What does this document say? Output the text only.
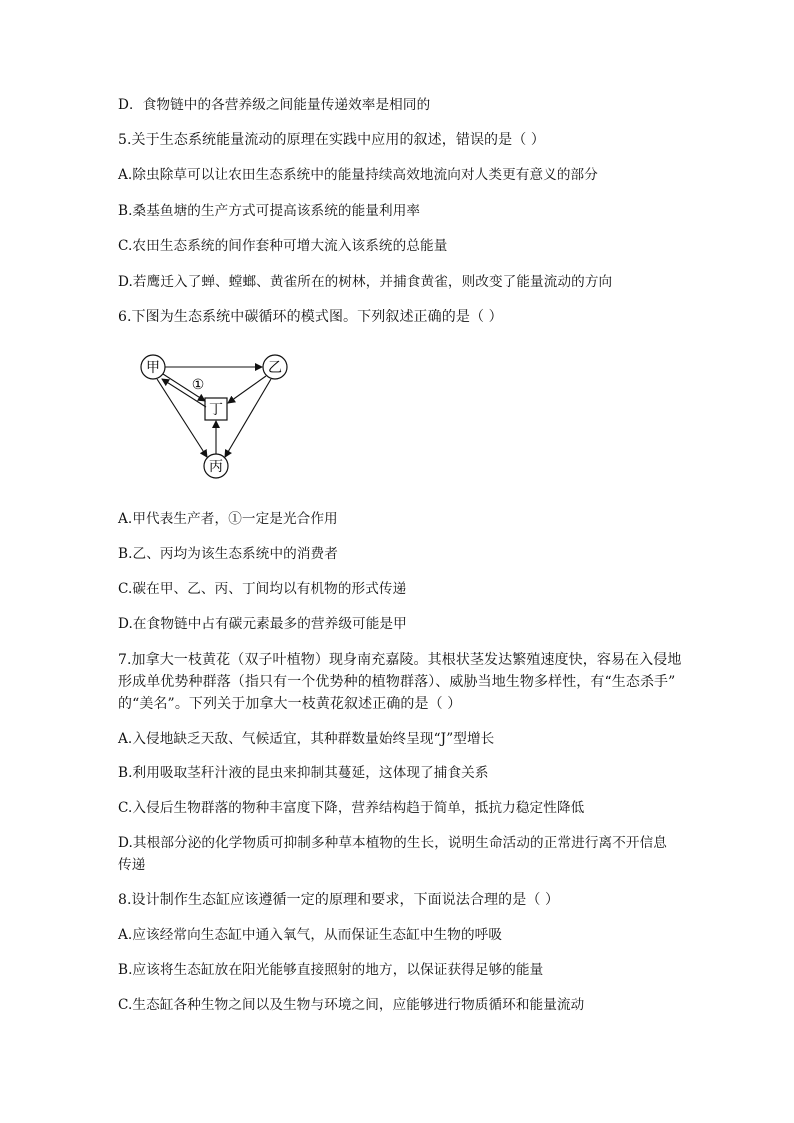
D．食物链中的各营养级之间能量传递效率是相同的
5.关于生态系统能量流动的原理在实践中应用的叙述，错误的是（ ）
A.除虫除草可以让农田生态系统中的能量持续高效地流向对人类更有意义的部分
B.桑基鱼塘的生产方式可提高该系统的能量利用率
C.农田生态系统的间作套种可增大流入该系统的总能量
D.若鹰迁入了蝉、螳螂、黄雀所在的树林，并捕食黄雀，则改变了能量流动的方向
6.下图为生态系统中碳循环的模式图。下列叙述正确的是（ ）
甲	乙
丙
丁
①
A.甲代表生产者，①一定是光合作用
B.乙、丙均为该生态系统中的消费者
C.碳在甲、乙、丙、丁间均以有机物的形式传递
D.在食物链中占有碳元素最多的营养级可能是甲
7.加拿大一枝黄花（双子叶植物）现身南充嘉陵。其根状茎发达繁殖速度快，容易在入侵地
形成单优势种群落（指只有一个优势种的植物群落）、威胁当地生物多样性，有“生态杀手”
的“美名”。下列关于加拿大一枝黄花叙述正确的是（ ）
A.入侵地缺乏天敌、气候适宜，其种群数量始终呈现“J”型增长
B.利用吸取茎秆汁液的昆虫来抑制其蔓延，这体现了捕食关系
C.入侵后生物群落的物种丰富度下降，营养结构趋于简单，抵抗力稳定性降低
D.其根部分泌的化学物质可抑制多种草本植物的生长，说明生命活动的正常进行离不开信息
传递
8.设计制作生态缸应该遵循一定的原理和要求，下面说法合理的是（ ）
A.应该经常向生态缸中通入氧气，从而保证生态缸中生物的呼吸
B.应该将生态缸放在阳光能够直接照射的地方，以保证获得足够的能量
C.生态缸各种生物之间以及生物与环境之间，应能够进行物质循环和能量流动
